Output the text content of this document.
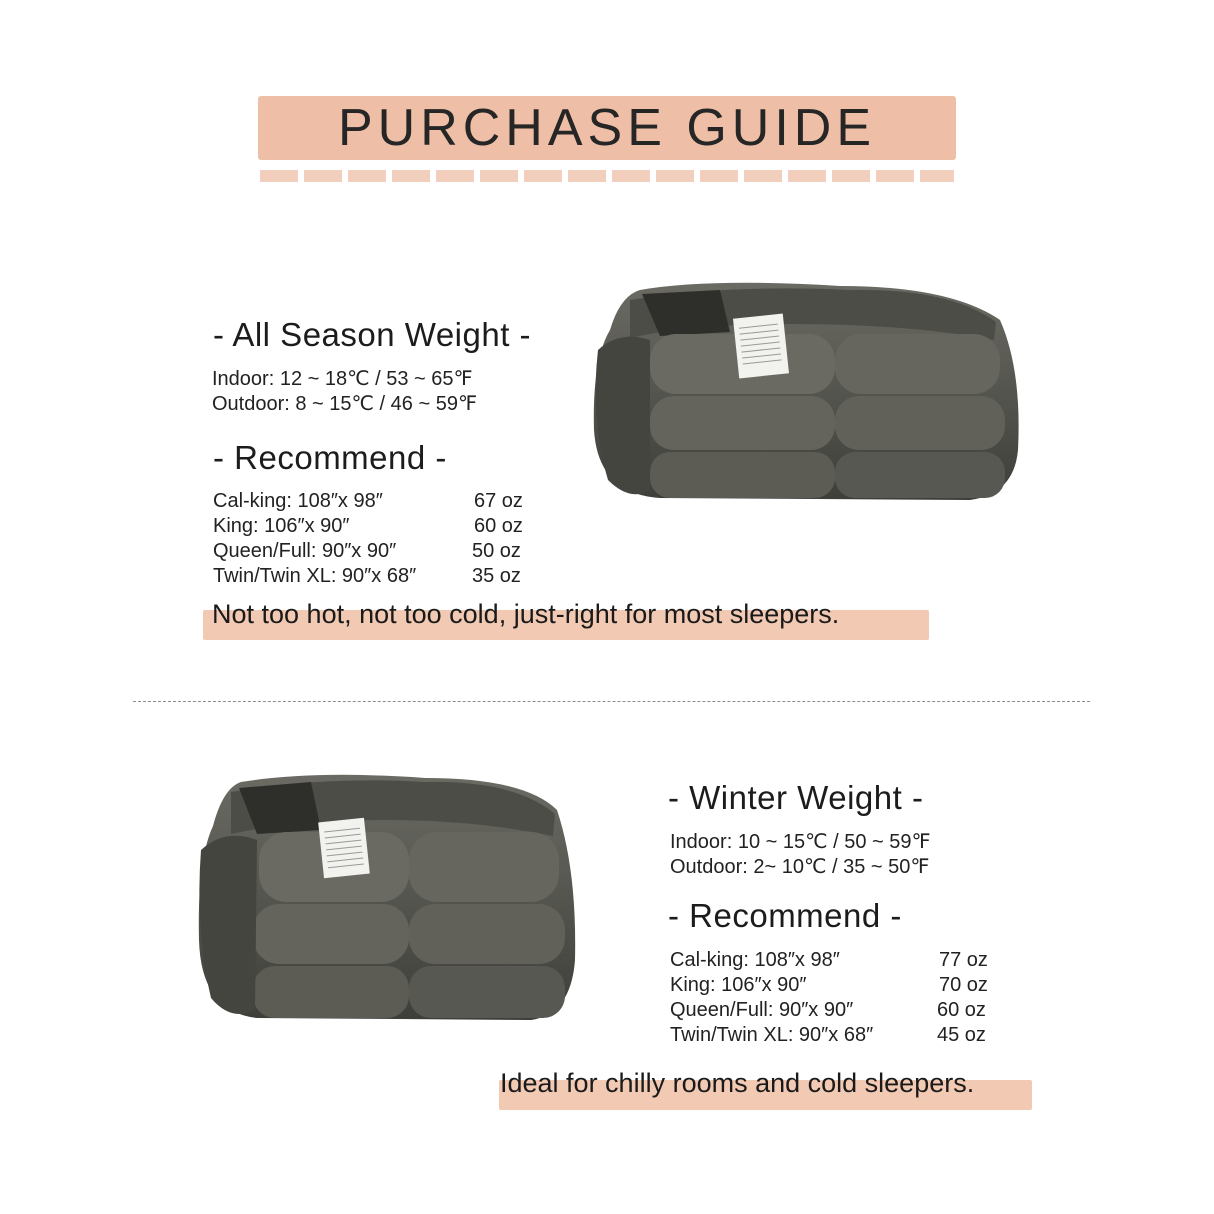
PURCHASE GUIDE
- All Season Weight -
Indoor: 12 ~ 18℃ / 53 ~ 65℉
Outdoor: 8 ~ 15℃ / 46 ~ 59℉
- Recommend -
Cal-king: 108″x 98″	67 oz
King: 106″x 90″	60 oz
Queen/Full: 90″x 90″	50 oz
Twin/Twin XL: 90″x 68″	35 oz
Not too hot, not too cold, just-right for most sleepers.
- Winter Weight -
Indoor: 10 ~ 15℃ / 50 ~ 59℉
Outdoor: 2~ 10℃ / 35 ~ 50℉
- Recommend -
Cal-king: 108″x 98″	77 oz
King: 106″x 90″	70 oz
Queen/Full: 90″x 90″	60 oz
Twin/Twin XL: 90″x 68″	45 oz
Ideal for chilly rooms and cold sleepers.
